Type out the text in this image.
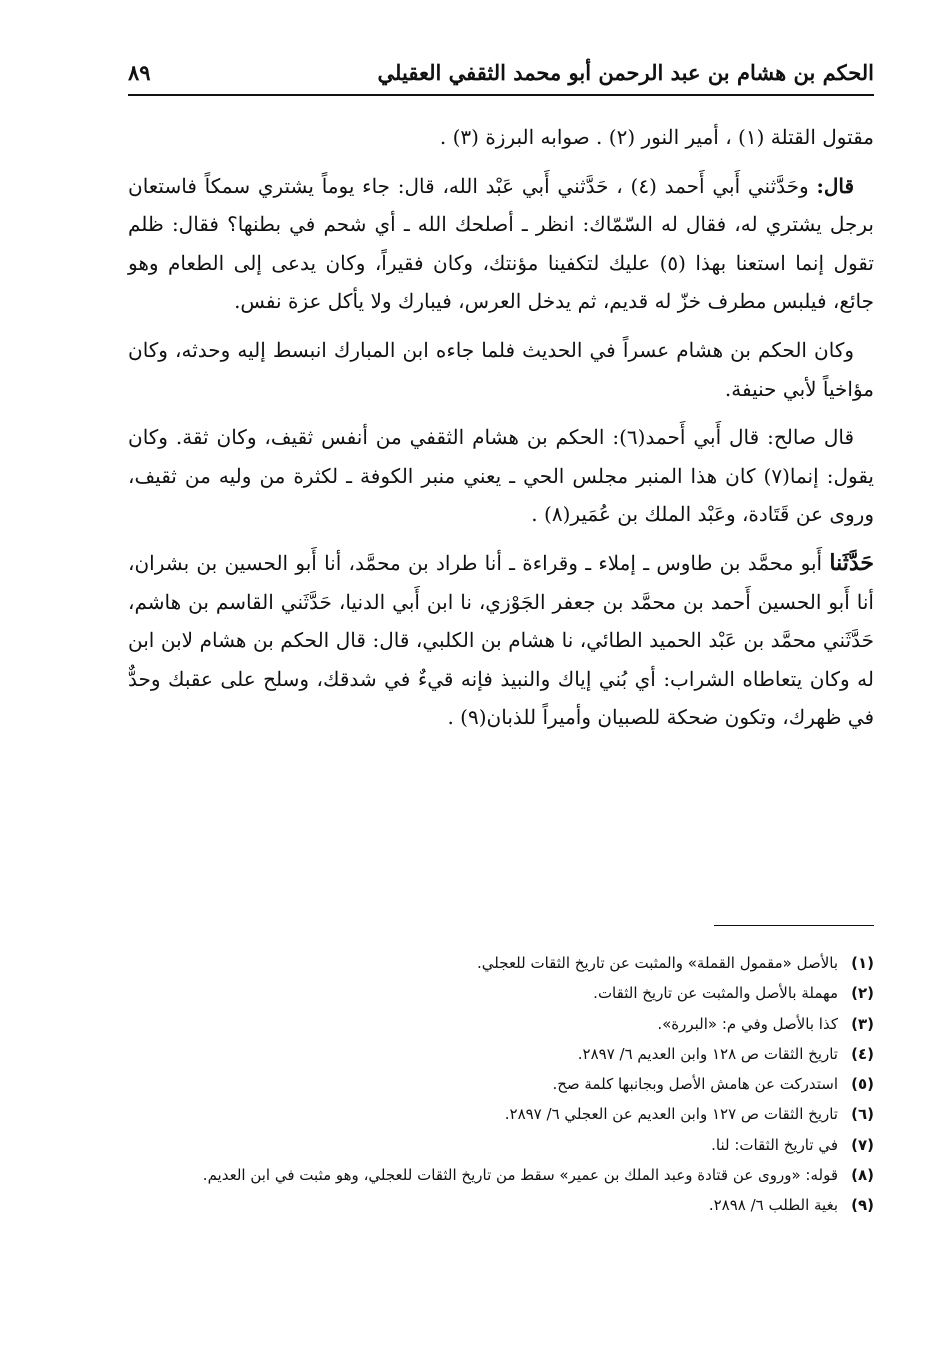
الحكم بن هشام بن عبد الرحمن أبو محمد الثقفي العقيلي
٨٩

مقتول القتلة (١) ، أمير النور (٢) . صوابه البرزة (٣) .

قال: وحَدَّثني أَبي أَحمد (٤) ، حَدَّثني أَبي عَبْد الله، قال: جاء يوماً يشتري سمكاً فاستعان برجل يشتري له، فقال له السّمّاك: انظر ـ أصلحك الله ـ أي شحم في بطنها؟ فقال: ظلم تقول إنما استعنا بهذا (٥) عليك لتكفينا مؤنتك، وكان فقيراً، وكان يدعى إلى الطعام وهو جائع، فيلبس مطرف خزّ له قديم، ثم يدخل العرس، فيبارك ولا يأكل عزة نفس.

وكان الحكم بن هشام عسراً في الحديث فلما جاءه ابن المبارك انبسط إليه وحدثه، وكان مؤاخياً لأبي حنيفة.

قال صالح: قال أَبي أَحمد(٦): الحكم بن هشام الثقفي من أنفس ثقيف، وكان ثقة. وكان يقول: إنما(٧) كان هذا المنبر مجلس الحي ـ يعني منبر الكوفة ـ لكثرة من وليه من ثقيف، وروى عن قَتَادة، وعَبْد الملك بن عُمَير(٨) .

حَدَّثَنا أَبو محمَّد بن طاوس ـ إملاء ـ وقراءة ـ أنا طراد بن محمَّد، أنا أَبو الحسين بن بشران، أنا أَبو الحسين أَحمد بن محمَّد بن جعفر الجَوْزي، نا ابن أَبي الدنيا، حَدَّثَني القاسم بن هاشم، حَدَّثَني محمَّد بن عَبْد الحميد الطائي، نا هشام بن الكلبي، قال: قال الحكم بن هشام لابن ابن له وكان يتعاطاه الشراب: أي بُني إياك والنبيذ فإنه قيءٌ في شدقك، وسلح على عقبك وحدٌّ في ظهرك، وتكون ضحكة للصبيان وأميراً للذبان(٩) .

(١)
بالأصل «مقمول القملة» والمثبت عن تاريخ الثقات للعجلي.
(٢)
مهملة بالأصل والمثبت عن تاريخ الثقات.
(٣)
كذا بالأصل وفي م: «البررة».
(٤)
تاريخ الثقات ص ١٢٨ وابن العديم ٦/ ٢٨٩٧.
(٥)
استدركت عن هامش الأصل وبجانبها كلمة صح.
(٦)
تاريخ الثقات ص ١٢٧ وابن العديم عن العجلي ٦/ ٢٨٩٧.
(٧)
في تاريخ الثقات: لنا.
(٨)
قوله: «وروى عن قتادة وعبد الملك بن عمير» سقط من تاريخ الثقات للعجلي، وهو مثبت في ابن العديم.
(٩)
بغية الطلب ٦/ ٢٨٩٨.
